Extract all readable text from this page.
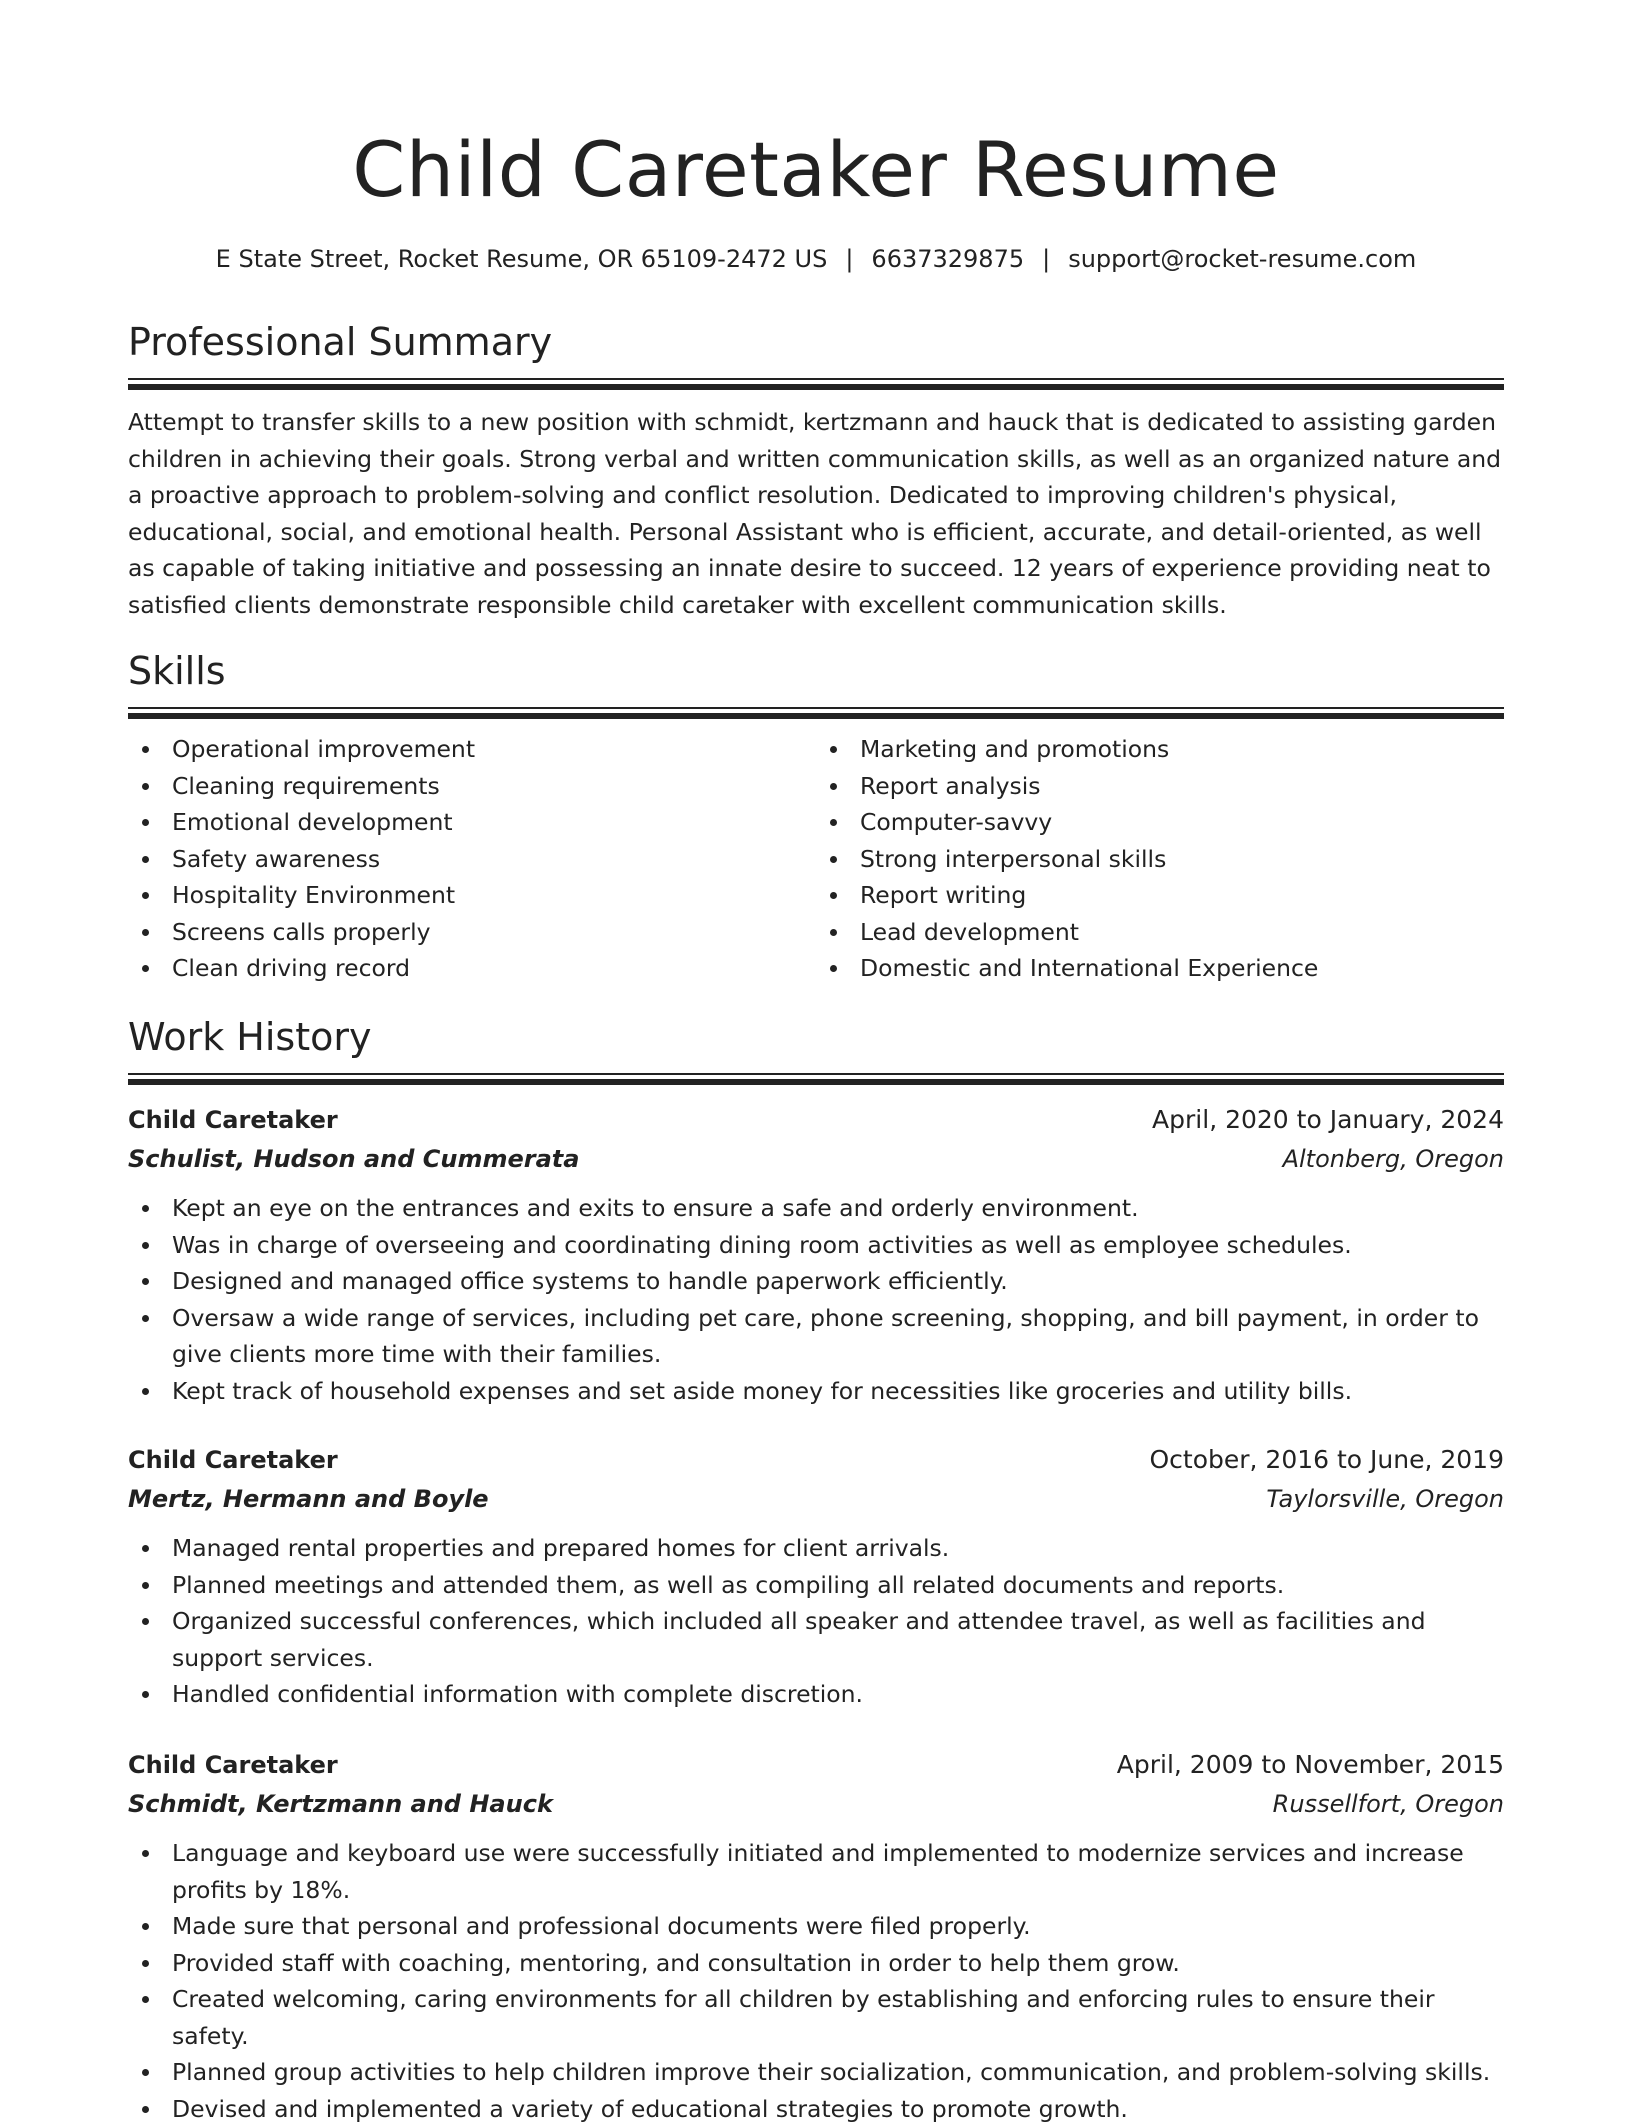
Child Caretaker Resume
E State Street, Rocket Resume, OR 65109-2472 US | 6637329875 | support@rocket-resume.com
Professional Summary

Attempt to transfer skills to a new position with schmidt, kertzmann and hauck that is dedicated to assisting garden children in achieving their goals. Strong verbal and written communication skills, as well as an organized nature and a proactive approach to problem-solving and conflict resolution. Dedicated to improving children's physical, educational, social, and emotional health. Personal Assistant who is efficient, accurate, and detail-oriented, as well as capable of taking initiative and possessing an innate desire to succeed. 12 years of experience providing neat to satisfied clients demonstrate responsible child caretaker with excellent communication skills.

Skills
Operational improvement
Cleaning requirements
Emotional development
Safety awareness
Hospitality Environment
Screens calls properly
Clean driving record
Marketing and promotions
Report analysis
Computer-savvy
Strong interpersonal skills
Report writing
Lead development
Domestic and International Experience
Work History
Child Caretaker	April, 2020 to January, 2024
Schulist, Hudson and Cummerata	Altonberg, Oregon
Kept an eye on the entrances and exits to ensure a safe and orderly environment.
Was in charge of overseeing and coordinating dining room activities as well as employee schedules.
Designed and managed office systems to handle paperwork efficiently.
Oversaw a wide range of services, including pet care, phone screening, shopping, and bill payment, in order to give clients more time with their families.
Kept track of household expenses and set aside money for necessities like groceries and utility bills.
Child Caretaker	October, 2016 to June, 2019
Mertz, Hermann and Boyle	Taylorsville, Oregon
Managed rental properties and prepared homes for client arrivals.
Planned meetings and attended them, as well as compiling all related documents and reports.
Organized successful conferences, which included all speaker and attendee travel, as well as facilities and support services.
Handled confidential information with complete discretion.
Child Caretaker	April, 2009 to November, 2015
Schmidt, Kertzmann and Hauck	Russellfort, Oregon
Language and keyboard use were successfully initiated and implemented to modernize services and increase profits by 18%.
Made sure that personal and professional documents were filed properly.
Provided staff with coaching, mentoring, and consultation in order to help them grow.
Created welcoming, caring environments for all children by establishing and enforcing rules to ensure their safety.
Planned group activities to help children improve their socialization, communication, and problem-solving skills.
Devised and implemented a variety of educational strategies to promote growth.
